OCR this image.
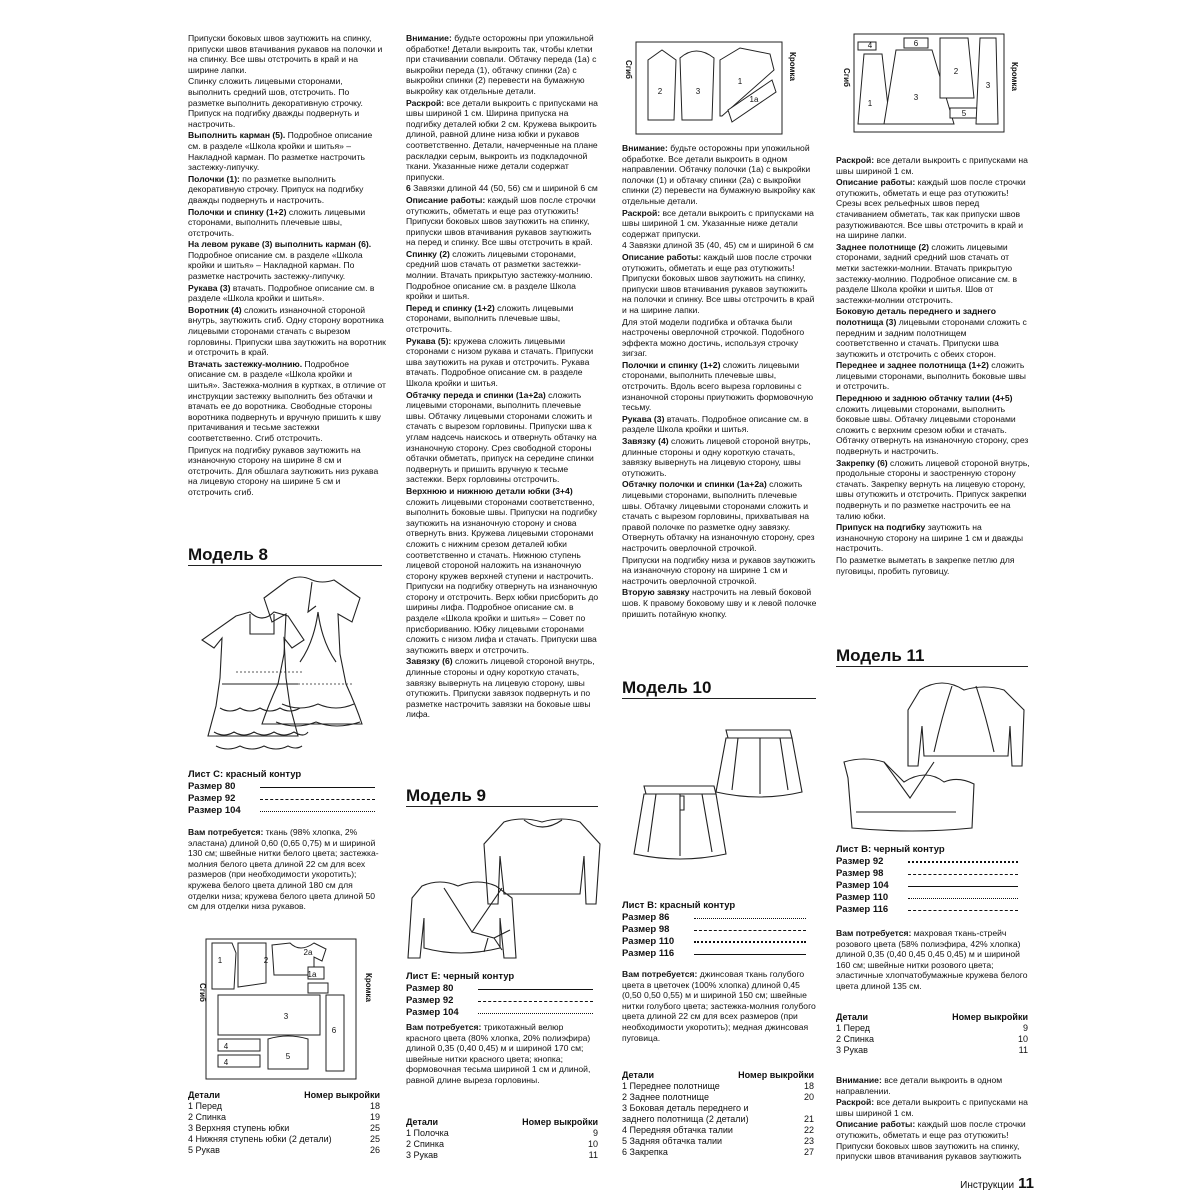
Припуски боковых швов заутюжить на спинку, припуски швов втачивания рукавов на полочки и на спинку. Все швы отстрочить в край и на ширине лапки.

Спинку сложить лицевыми сторонами, выполнить средний шов, отстрочить. По разметке выполнить декоративную строчку. Припуск на подгибку дважды подвернуть и настрочить.

Выполнить карман (5). Подробное описание см. в разделе «Школа кройки и шитья» – Накладной карман. По разметке настрочить застежку-липучку.

Полочки (1): по разметке выполнить декоративную строчку. Припуск на подгибку дважды подвернуть и настрочить.

Полочки и спинку (1+2) сложить лицевыми сторонами, выполнить плечевые швы, отстрочить.

На левом рукаве (3) выполнить карман (6). Подробное описание см. в разделе «Школа кройки и шитья» – Накладной карман. По разметке настрочить застежку-липучку.

Рукава (3) втачать. Подробное описание см. в разделе «Школа кройки и шитья».

Воротник (4) сложить изнаночной стороной внутрь, заутюжить сгиб. Одну сторону воротника лицевыми сторонами стачать с вырезом горловины. Припуски шва заутюжить на воротник и отстрочить в край.

Втачать застежку-молнию. Подробное описание см. в разделе «Школа кройки и шитья». Застежка-молния в куртках, в отличие от инструкции застежку выполнить без обтачки и втачать ее до воротника. Свободные стороны воротника подвернуть и вручную пришить к шву притачивания и тесьме застежки соответственно. Сгиб отстрочить.

Припуск на подгибку рукавов заутюжить на изнаночную сторону на ширине 8 см и отстрочить. Для обшлага заутюжить низ рукава на лицевую сторону на ширине 5 см и отстрочить сгиб.

Модель 8
Лист С: красный контур
Размер 80
Размер 92
Размер 104

Вам потребуется: ткань (98% хлопка, 2% эластана) длиной 0,60 (0,65 0,75) м и шириной 130 см; швейные нитки белого цвета; застежка-молния белого цвета длиной 22 см для всех размеров (при необходимости укоротить); кружева белого цвета длиной 180 см для отделки низа; кружева белого цвета длиной 50 см для отделки низа рукавов.

1	2
2a
1a
3
6
4
4
5
Сгиб	Кромка
Детали	Номер выкройки
1 Перед	18
2 Спинка	19
3 Верхняя ступень юбки	25
4 Нижняя ступень юбки (2 детали)	25
5 Рукав	26

Внимание: будьте осторожны при упожильной обработке! Детали выкроить так, чтобы клетки при стачивании совпали. Обтачку переда (1а) с выкройки переда (1), обтачку спинки (2а) с выкройки спинки (2) перевести на бумажную выкройку как отдельные детали.

Раскрой: все детали выкроить с припусками на швы шириной 1 см. Ширина припуска на подгибку деталей юбки 2 см. Кружева выкроить длиной, равной длине низа юбки и рукавов соответственно. Детали, начерченные на плане раскладки серым, выкроить из подкладочной ткани. Указанные ниже детали содержат припуски.

6 Завязки длиной 44 (50, 56) см и шириной 6 см

Описание работы: каждый шов после строчки отутюжить, обметать и еще раз отутюжить! Припуски боковых швов заутюжить на спинку, припуски швов втачивания рукавов заутюжить на перед и спинку. Все швы отстрочить в край.

Спинку (2) сложить лицевыми сторонами, средний шов стачать от разметки застежки-молнии. Втачать прикрытую застежку-молнию. Подробное описание см. в разделе Школа кройки и шитья.

Перед и спинку (1+2) сложить лицевыми сторонами, выполнить плечевые швы, отстрочить.

Рукава (5): кружева сложить лицевыми сторонами с низом рукава и стачать. Припуски шва заутюжить на рукав и отстрочить. Рукава втачать. Подробное описание см. в разделе Школа кройки и шитья.

Обтачку переда и спинки (1а+2а) сложить лицевыми сторонами, выполнить плечевые швы. Обтачку лицевыми сторонами сложить и стачать с вырезом горловины. Припуски шва к углам надсечь наискось и отвернуть обтачку на изнаночную сторону. Срез свободной стороны обтачки обметать, припуск на середине спинки подвернуть и пришить вручную к тесьме застежки. Верх горловины отстрочить.

Верхнюю и нижнюю детали юбки (3+4) сложить лицевыми сторонами соответственно, выполнить боковые швы. Припуски на подгибку заутюжить на изнаночную сторону и снова отвернуть вниз. Кружева лицевыми сторонами сложить с нижним срезом деталей юбки соответственно и стачать. Нижнюю ступень лицевой стороной наложить на изнаночную сторону кружев верхней ступени и настрочить. Припуски на подгибку отвернуть на изнаночную сторону и отстрочить. Верх юбки присборить до ширины лифа. Подробное описание см. в разделе «Школа кройки и шитья» – Совет по присбориванию. Юбку лицевыми сторонами сложить с низом лифа и стачать. Припуски шва заутюжить вверх и отстрочить.

Завязку (6) сложить лицевой стороной внутрь, длинные стороны и одну короткую стачать, завязку вывернуть на лицевую сторону, швы отутюжить. Припуски завязок подвернуть и по разметке настрочить завязки на боковые швы лифа.

Модель 9
Лист Е: черный контур
Размер 80
Размер 92
Размер 104

Вам потребуется: трикотажный велюр красного цвета (80% хлопка, 20% полиэфира) длиной 0,35 (0,40 0,45) м и шириной 170 см; швейные нитки красного цвета; кнопка; формовочная тесьма шириной 1 см и длиной, равной длине выреза горловины.

Детали	Номер выкройки
1 Полочка	9
2 Спинка	10
3 Рукав	11
2	3
1
1a
Сгиб	Кромка

Внимание: будьте осторожны при упожильной обработке. Все детали выкроить в одном направлении. Обтачку полочки (1а) с выкройки полочки (1) и обтачку спинки (2а) с выкройки спинки (2) перевести на бумажную выкройку как отдельные детали.

Раскрой: все детали выкроить с припусками на швы шириной 1 см. Указанные ниже детали содержат припуски.

4 Завязки длиной 35 (40, 45) см и шириной 6 см

Описание работы: каждый шов после строчки отутюжить, обметать и еще раз отутюжить! Припуски боковых швов заутюжить на спинку, припуски швов втачивания рукавов заутюжить на полочки и спинку. Все швы отстрочить в край и на ширине лапки.

Для этой модели подгибка и обтачка были настрочены оверлочной строчкой. Подобного эффекта можно достичь, используя строчку зигзаг.

Полочки и спинку (1+2) сложить лицевыми сторонами, выполнить плечевые швы, отстрочить. Вдоль всего выреза горловины с изнаночной стороны приутюжить формовочную тесьму.

Рукава (3) втачать. Подробное описание см. в разделе Школа кройки и шитья.

Завязку (4) сложить лицевой стороной внутрь, длинные стороны и одну короткую стачать, завязку вывернуть на лицевую сторону, швы отутюжить.

Обтачку полочки и спинки (1а+2а) сложить лицевыми сторонами, выполнить плечевые швы. Обтачку лицевыми сторонами сложить и стачать с вырезом горловины, прихватывая на правой полочке по разметке одну завязку. Отвернуть обтачку на изнаночную сторону, срез настрочить оверлочной строчкой.

Припуски на подгибку низа и рукавов заутюжить на изнаночную сторону на ширине 1 см и настрочить оверлочной строчкой.

Вторую завязку настрочить на левый боковой шов. К правому боковому шву и к левой полочке пришить потайную кнопку.

Модель 10
Лист В: красный контур
Размер 86
Размер 98
Размер 110
Размер 116

Вам потребуется: джинсовая ткань голубого цвета в цветочек (100% хлопка) длиной 0,45 (0,50 0,50 0,55) м и шириной 150 см; швейные нитки голубого цвета; застежка-молния голубого цвета длиной 22 см для всех размеров (при необходимости укоротить); медная джинсовая пуговица.

Детали	Номер выкройки
1 Переднее полотнище	18
2 Заднее полотнище	20
3 Боковая деталь переднего и заднего полотнища (2 детали)	21
4 Передняя обтачка талии	22
5 Задняя обтачка талии	23
6 Закрепка	27
4	6
1
3
2
5
3
Сгиб	Кромка

Раскрой: все детали выкроить с припусками на швы шириной 1 см.

Описание работы: каждый шов после строчки отутюжить, обметать и еще раз отутюжить! Срезы всех рельефных швов перед стачиванием обметать, так как припуски швов разутюживаются. Все швы отстрочить в край и на ширине лапки.

Заднее полотнище (2) сложить лицевыми сторонами, задний средний шов стачать от метки застежки-молнии. Втачать прикрытую застежку-молнию. Подробное описание см. в разделе Школа кройки и шитья. Шов от застежки-молнии отстрочить.

Боковую деталь переднего и заднего полотнища (3) лицевыми сторонами сложить с передним и задним полотнищем соответственно и стачать. Припуски шва заутюжить и отстрочить с обеих сторон.

Переднее и заднее полотнища (1+2) сложить лицевыми сторонами, выполнить боковые швы и отстрочить.

Переднюю и заднюю обтачку талии (4+5) сложить лицевыми сторонами, выполнить боковые швы. Обтачку лицевыми сторонами сложить с верхним срезом юбки и стачать. Обтачку отвернуть на изнаночную сторону, срез подвернуть и настрочить.

Закрепку (6) сложить лицевой стороной внутрь, продольные стороны и заостренную сторону стачать. Закрепку вернуть на лицевую сторону, швы отутюжить и отстрочить. Припуск закрепки подвернуть и по разметке настрочить ее на талию юбки.

Припуск на подгибку заутюжить на изнаночную сторону на ширине 1 см и дважды настрочить.

По разметке выметать в закрепке петлю для пуговицы, пробить пуговицу.

Модель 11
Лист В: черный контур
Размер 92
Размер 98
Размер 104
Размер 110
Размер 116

Вам потребуется: махровая ткань-стрейч розового цвета (58% полиэфира, 42% хлопка) длиной 0,35 (0,40 0,45 0,45 0,45) м и шириной 160 см; швейные нитки розового цвета; эластичные хлопчатобумажные кружева белого цвета длиной 135 см.

Детали	Номер выкройки
1 Перед	9
2 Спинка	10
3 Рукав	11

Внимание: все детали выкроить в одном направлении.

Раскрой: все детали выкроить с припусками на швы шириной 1 см.

Описание работы: каждый шов после строчки отутюжить, обметать и еще раз отутюжить! Припуски боковых швов заутюжить на спинку, припуски швов втачивания рукавов заутюжить

Инструкции 11
